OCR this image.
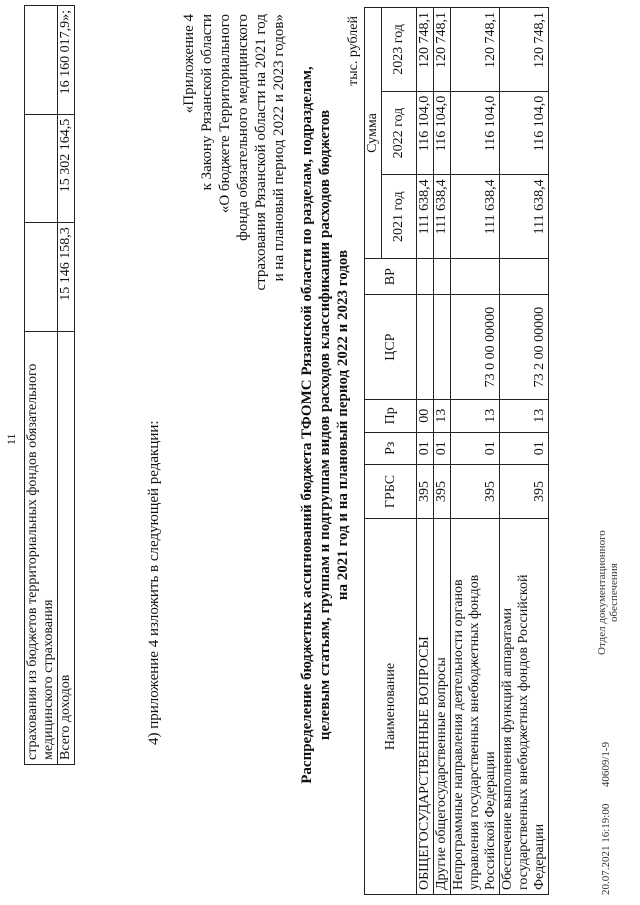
11 страхования из бюджетов территориальных фондов обязательного медицинского страхования			
Всего доходов	15 146 158,3	15 302 164,5	16 160 017,9»;
4) приложение 4 изложить в следующей редакции:
«Приложение 4 к Закону Рязанской области «О бюджете Территориального фонда обязательного медицинского страхования Рязанской области на 2021 год и на плановый период 2022 и 2023 годов» Распределение бюджетных ассигнований бюджета ТФОМС Рязанской области по разделам, подразделам, целевым статьям, группам и подгруппам видов расходов классификации расходов бюджетов на 2021 год и на плановый период 2022 и 2023 годов
тыс. рублей
Наименование	ГРБС	Рз	Пр	ЦСР	ВР	Сумма		
						2021 год	2022 год	2023 год
ОБЩЕГОСУДАРСТВЕННЫЕ ВОПРОСЫ	395	01	00			111 638,4	116 104,0	120 748,1
Другие общегосударственные вопросы	395	01	13			111 638,4	116 104,0	120 748,1
Непрограммные направления деятельности органов управления государственных внебюджетных фондов Российской Федерации	395	01	13	73 0 00 00000		111 638,4	116 104,0	120 748,1
Обеспечение выполнения функций аппаратами государственных внебюджетных фондов Российской Федерации	395	01	13	73 2 00 00000		111 638,4	116 104,0	120 748,1
20.07.2021 16:19:00      40609/1-9
Отдел документационного обеспечения
